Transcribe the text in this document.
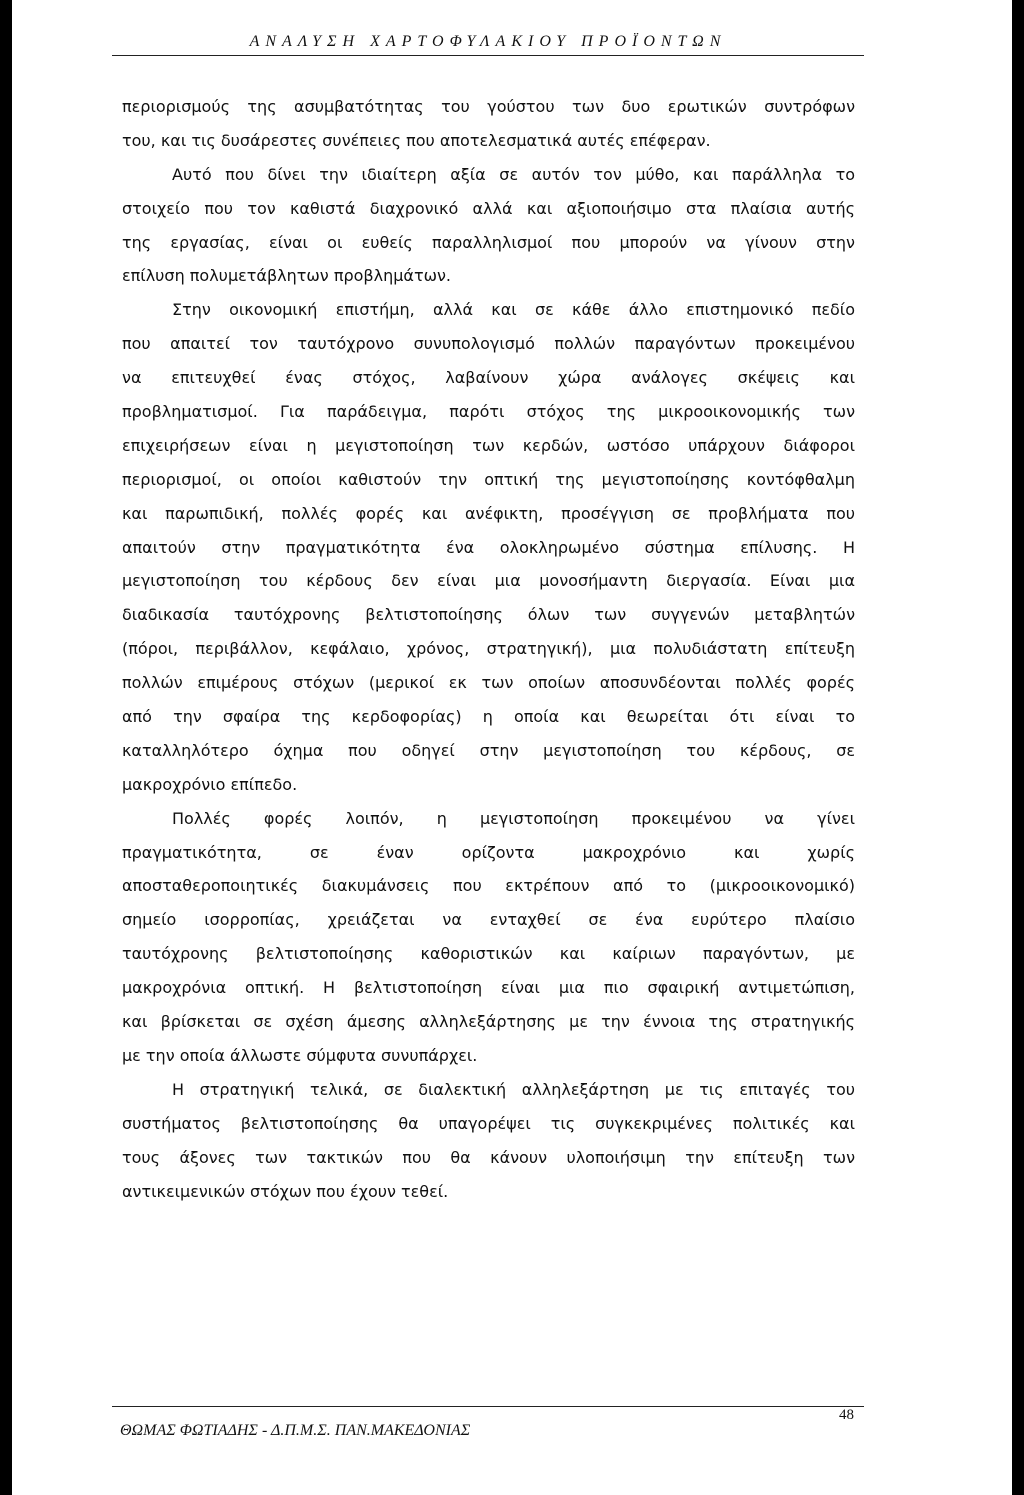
ΑΝΑΛΥΣΗ ΧΑΡΤΟΦΥΛΑΚΙΟΥ ΠΡΟΪΟΝΤΩΝ
περιορισμούς της ασυμβατότητας του γούστου των δυο ερωτικών συντρόφων
του, και τις δυσάρεστες συνέπειες που αποτελεσματικά αυτές επέφεραν.
Αυτό που δίνει την ιδιαίτερη αξία σε αυτόν τον μύθο, και παράλληλα το
στοιχείο που τον καθιστά διαχρονικό αλλά και αξιοποιήσιμο στα πλαίσια αυτής
της εργασίας, είναι οι ευθείς παραλληλισμοί που μπορούν να γίνουν στην
επίλυση πολυμετάβλητων προβλημάτων.
Στην οικονομική επιστήμη, αλλά και σε κάθε άλλο επιστημονικό πεδίο
που απαιτεί τον ταυτόχρονο συνυπολογισμό πολλών παραγόντων προκειμένου
να επιτευχθεί ένας στόχος, λαβαίνουν χώρα ανάλογες σκέψεις και
προβληματισμοί. Για παράδειγμα, παρότι στόχος της μικροοικονομικής των
επιχειρήσεων είναι η μεγιστοποίηση των κερδών, ωστόσο υπάρχουν διάφοροι
περιορισμοί, οι οποίοι καθιστούν την οπτική της μεγιστοποίησης κοντόφθαλμη
και παρωπιδική, πολλές φορές και ανέφικτη, προσέγγιση σε προβλήματα που
απαιτούν στην πραγματικότητα ένα ολοκληρωμένο σύστημα επίλυσης. Η
μεγιστοποίηση του κέρδους δεν είναι μια μονοσήμαντη διεργασία. Είναι μια
διαδικασία ταυτόχρονης βελτιστοποίησης όλων των συγγενών μεταβλητών
(πόροι, περιβάλλον, κεφάλαιο, χρόνος, στρατηγική), μια πολυδιάστατη επίτευξη
πολλών επιμέρους στόχων (μερικοί εκ των οποίων αποσυνδέονται πολλές φορές
από την σφαίρα της κερδοφορίας) η οποία και θεωρείται ότι είναι το
καταλληλότερο όχημα που οδηγεί στην μεγιστοποίηση του κέρδους, σε
μακροχρόνιο επίπεδο.
Πολλές φορές λοιπόν, η μεγιστοποίηση προκειμένου να γίνει
πραγματικότητα, σε έναν ορίζοντα μακροχρόνιο και χωρίς
αποσταθεροποιητικές διακυμάνσεις που εκτρέπουν από το (μικροοικονομικό)
σημείο ισορροπίας, χρειάζεται να ενταχθεί σε ένα ευρύτερο πλαίσιο
ταυτόχρονης βελτιστοποίησης καθοριστικών και καίριων παραγόντων, με
μακροχρόνια οπτική. Η βελτιστοποίηση είναι μια πιο σφαιρική αντιμετώπιση,
και βρίσκεται σε σχέση άμεσης αλληλεξάρτησης με την έννοια της στρατηγικής
με την οποία άλλωστε σύμφυτα συνυπάρχει.
Η στρατηγική τελικά, σε διαλεκτική αλληλεξάρτηση με τις επιταγές του
συστήματος βελτιστοποίησης θα υπαγορέψει τις συγκεκριμένες πολιτικές και
τους άξονες των τακτικών που θα κάνουν υλοποιήσιμη την επίτευξη των
αντικειμενικών στόχων που έχουν τεθεί.
ΘΩΜΑΣ ΦΩΤΙΑΔΗΣ - Δ.Π.Μ.Σ. ΠΑΝ.ΜΑΚΕΔΟΝΙΑΣ
48
